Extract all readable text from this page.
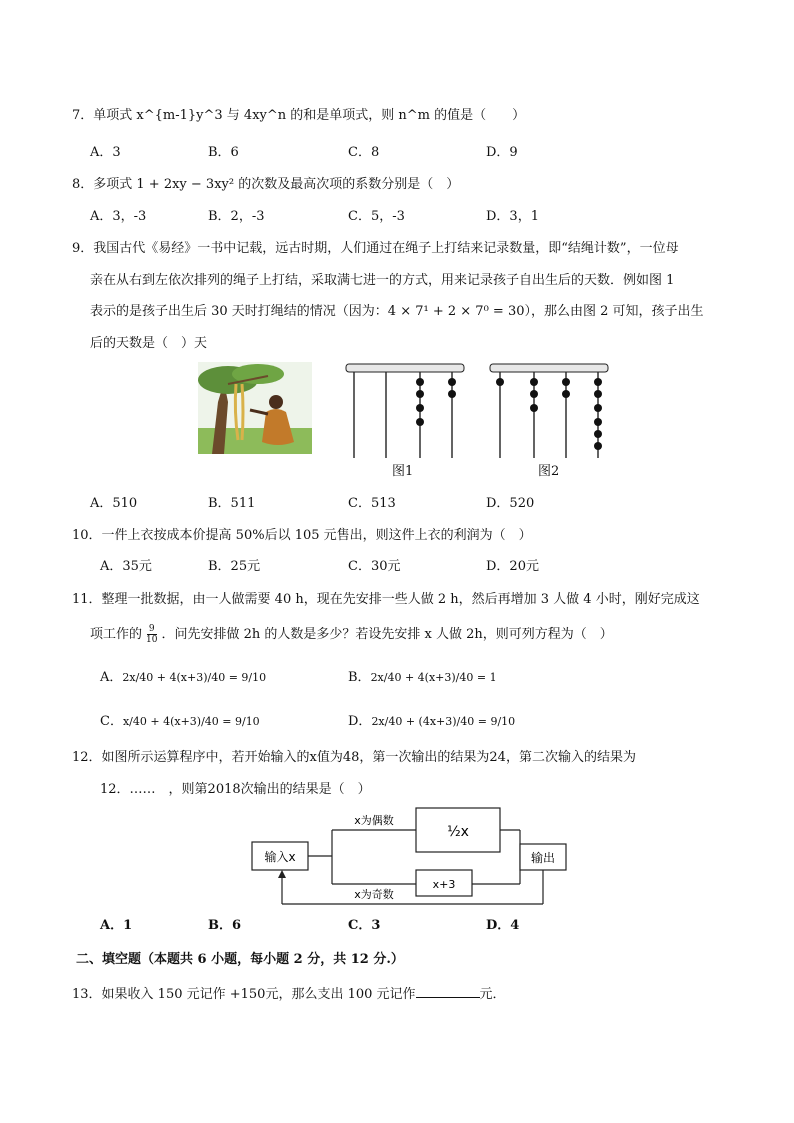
7．单项式 x^{m-1}y^3 与 4xy^n 的和是单项式，则 n^m 的值是（　　）
A．3	B．6	C．8	D．9
8．多项式 1 + 2xy − 3xy² 的次数及最高次项的系数分别是（　）
A．3，-3	B．2，-3	C．5，-3	D．3，1
9．我国古代《易经》一书中记载，远古时期，人们通过在绳子上打结来记录数量，即“结绳计数”，一位母
亲在从右到左依次排列的绳子上打结，采取满七进一的方式，用来记录孩子自出生后的天数．例如图 1
表示的是孩子出生后 30 天时打绳结的情况（因为：4 × 7¹ + 2 × 7⁰ = 30），那么由图 2 可知，孩子出生
后的天数是（　）天
图1	图2
A．510	B．511	C．513	D．520
10．一件上衣按成本价提高 50%后以 105 元售出，则这件上衣的利润为（　）
A．35元	B．25元	C．30元	D．20元
11．整理一批数据，由一人做需要 40 h，现在先安排一些人做 2 h，然后再增加 3 人做 4 小时，刚好完成这
项工作的 $\frac{9}{10}$ ．问先安排做 2h 的人数是多少？若设先安排 x 人做 2h，则可列方程为（　）
A．2x/40 + 4(x+3)/40 = 9/10	B．2x/40 + 4(x+3)/40 = 1
C．x/40 + 4(x+3)/40 = 9/10	D．2x/40 + (4x+3)/40 = 9/10
12．如图所示运算程序中，若开始输入的x值为48，第一次输出的结果为24，第二次输入的结果为
12．……　，则第2018次输出的结果是（　）
输入x
x为偶数
x为奇数
½x
x+3
输出
A．1	B．6	C．3	D．4
二、填空题（本题共 6 小题，每小题 2 分，共 12 分.）
13．如果收入 150 元记作 +150元，那么支出 100 元记作	元．
